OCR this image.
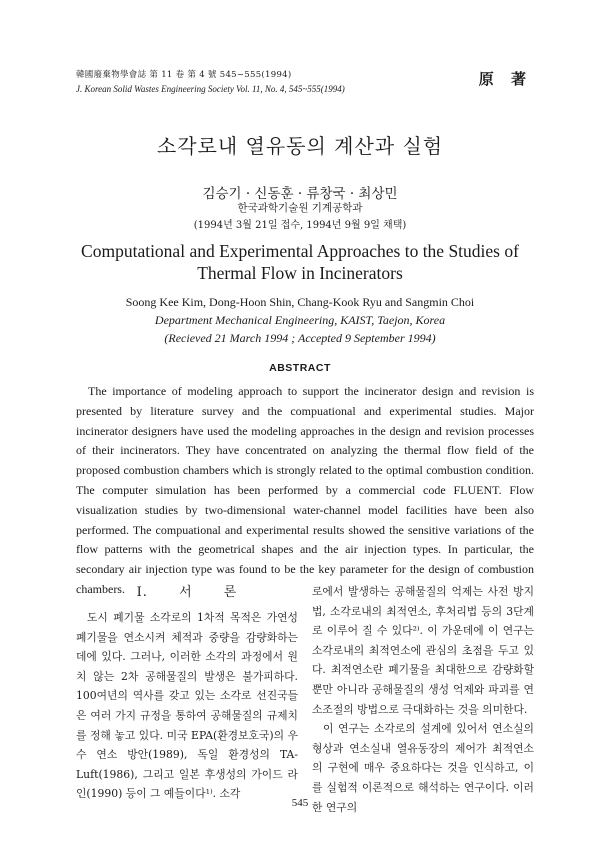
韓國廢棄物學會誌 第 11 卷 第 4 號 545~555(1994)
J. Korean Solid Wastes Engineering Society Vol. 11, No. 4, 545~555(1994)
原 著
소각로내 열유동의 계산과 실험
김승기 · 신동훈 · 류창국 · 최상민
한국과학기술원 기계공학과
(1994년 3월 21일 접수, 1994년 9월 9일 채택)
Computational and Experimental Approaches to the Studies of Thermal Flow in Incinerators
Soong Kee Kim, Dong-Hoon Shin, Chang-Kook Ryu and Sangmin Choi
Department Mechanical Engineering, KAIST, Taejon, Korea
(Recieved 21 March 1994 ; Accepted 9 September 1994)
ABSTRACT
The importance of modeling approach to support the incinerator design and revision is presented by literature survey and the compuational and experimental studies. Major incinerator designers have used the modeling approaches in the design and revision processes of their incinerators. They have concentrated on analyzing the thermal flow field of the proposed combustion chambers which is strongly related to the optimal combustion condition. The computer simulation has been performed by a commercial code FLUENT. Flow visualization studies by two-dimensional water-channel model facilities have been also performed. The compuational and experimental results showed the sensitive variations of the flow patterns with the geometrical shapes and the air injection types. In particular, the secondary air injection type was found to be the key parameter for the design of combustion chambers. I. 서 론

도시 폐기물 소각로의 1차적 목적은 가연성 폐기물을 연소시켜 체적과 중량을 감량화하는 데에 있다. 그러나, 이러한 소각의 과정에서 원치 않는 2차 공해물질의 발생은 불가피하다. 100여년의 역사를 갖고 있는 소각로 선진국들은 여러 가지 규정을 통하여 공해물질의 규제치를 정해 놓고 있다. 미국 EPA(환경보호국)의 우수 연소 방안(1989), 독일 환경성의 TA-Luft(1986), 그리고 일본 후생성의 가이드 라인(1990) 등이 그 예들이다¹⁾. 소각

로에서 발생하는 공해물질의 억제는 사전 방지법, 소각로내의 최적연소, 후처리법 등의 3단계로 이루어 질 수 있다²⁾. 이 가운데에 이 연구는 소각로내의 최적연소에 관심의 초점을 두고 있다. 최적연소란 폐기물을 최대한으로 감량화할 뿐만 아니라 공해물질의 생성 억제와 파괴를 연소조절의 방법으로 극대화하는 것을 의미한다.

이 연구는 소각로의 설계에 있어서 연소실의 형상과 연소실내 열유동장의 제어가 최적연소의 구현에 매우 중요하다는 것을 인식하고, 이를 실험적 이론적으로 해석하는 연구이다. 이러한 연구의

545
